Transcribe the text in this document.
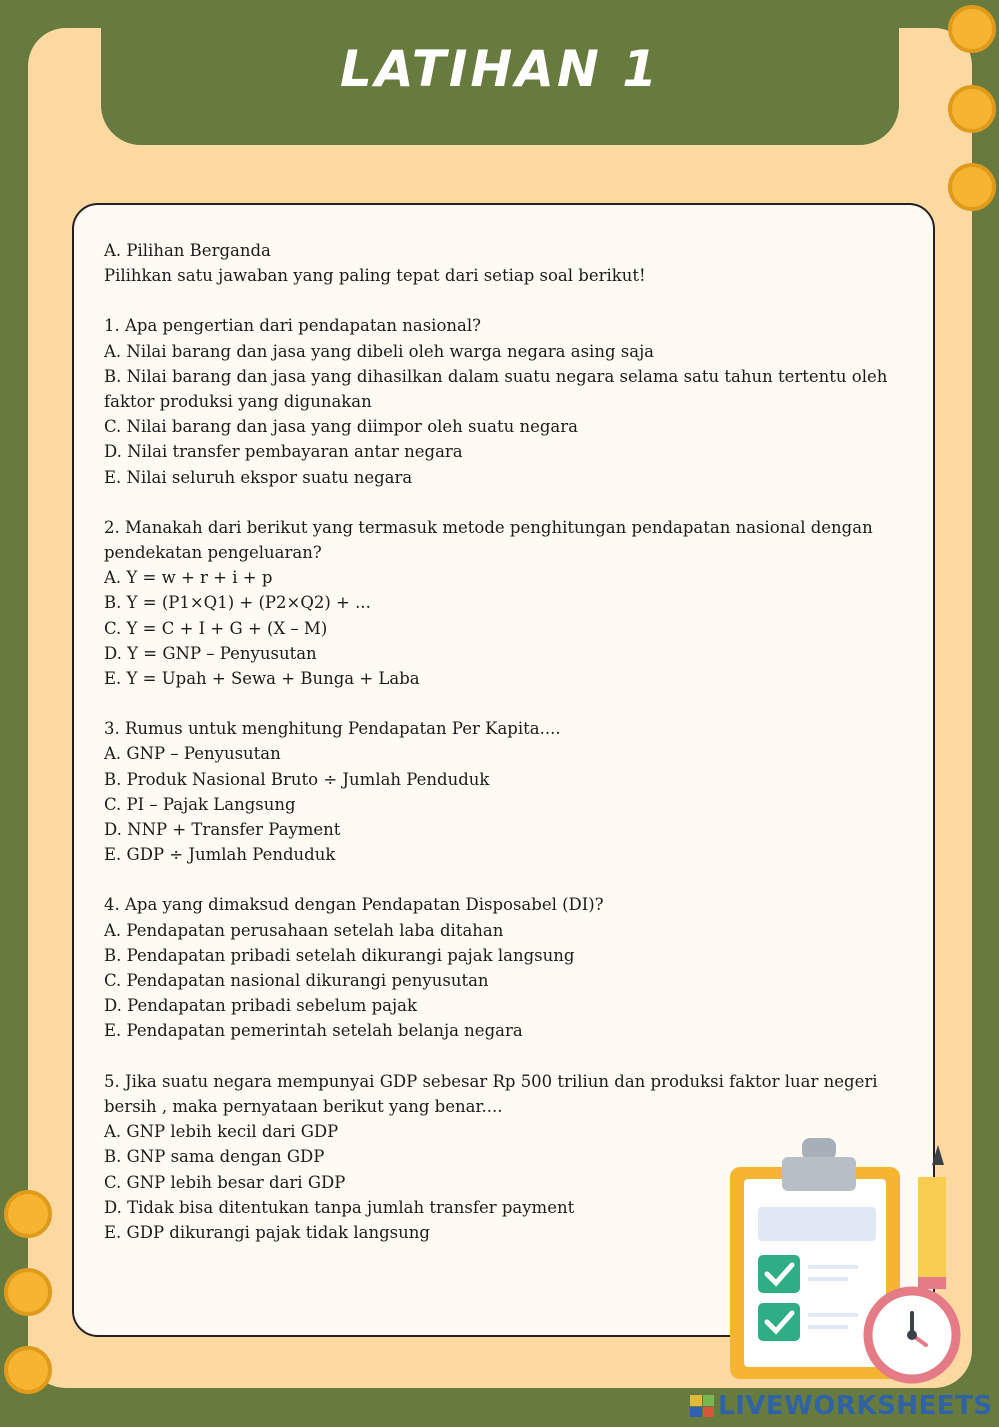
LATIHAN 1
A. Pilihan Berganda
Pilihkan satu jawaban yang paling tepat dari setiap soal berikut!
1. Apa pengertian dari pendapatan nasional?
A. Nilai barang dan jasa yang dibeli oleh warga negara asing saja
B. Nilai barang dan jasa yang dihasilkan dalam suatu negara selama satu tahun tertentu oleh
faktor produksi yang digunakan
C. Nilai barang dan jasa yang diimpor oleh suatu negara
D. Nilai transfer pembayaran antar negara
E. Nilai seluruh ekspor suatu negara
2. Manakah dari berikut yang termasuk metode penghitungan pendapatan nasional dengan
pendekatan pengeluaran?
A. Y = w + r + i + p
B. Y = (P1×Q1) + (P2×Q2) + ...
C. Y = C + I + G + (X – M)
D. Y = GNP – Penyusutan
E. Y = Upah + Sewa + Bunga + Laba
3. Rumus untuk menghitung Pendapatan Per Kapita....
A. GNP – Penyusutan
B. Produk Nasional Bruto ÷ Jumlah Penduduk
C. PI – Pajak Langsung
D. NNP + Transfer Payment
E. GDP ÷ Jumlah Penduduk
4. Apa yang dimaksud dengan Pendapatan Disposabel (DI)?
A. Pendapatan perusahaan setelah laba ditahan
B. Pendapatan pribadi setelah dikurangi pajak langsung
C. Pendapatan nasional dikurangi penyusutan
D. Pendapatan pribadi sebelum pajak
E. Pendapatan pemerintah setelah belanja negara
5. Jika suatu negara mempunyai GDP sebesar Rp 500 triliun dan produksi faktor luar negeri
bersih , maka pernyataan berikut yang benar....
A. GNP lebih kecil dari GDP
B. GNP sama dengan GDP
C. GNP lebih besar dari GDP
D. Tidak bisa ditentukan tanpa jumlah transfer payment
E. GDP dikurangi pajak tidak langsung
LIVEWORKSHEETS
